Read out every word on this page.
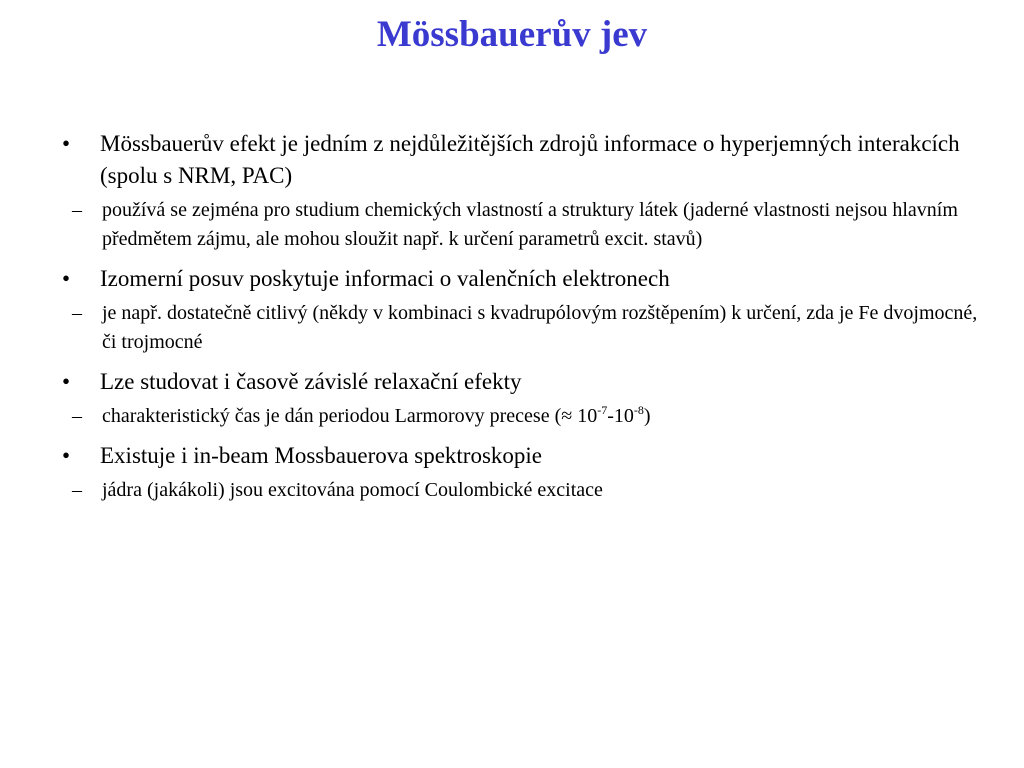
Mössbauerův jev
•	Mössbauerův efekt je jedním z nejdůležitějších zdrojů informace o hyperjemných interakcích (spolu s NRM, PAC)
– používá se zejména pro studium chemických vlastností a struktury látek (jaderné vlastnosti nejsou hlavním předmětem zájmu, ale mohou sloužit např. k určení parametrů excit. stavů)
•	Izomerní posuv poskytuje informaci o valenčních elektronech
– je např. dostatečně citlivý (někdy v kombinaci s kvadrupólovým rozštěpením) k určení, zda je Fe dvojmocné, či trojmocné
•	Lze studovat i časově závislé relaxační efekty
– charakteristický čas je dán periodou Larmorovy precese (≈ $10^{-7}-10^{-8}$)
•	Existuje i in-beam Mossbauerova spektroskopie
– jádra (jakákoli) jsou excitována pomocí Coulombické excitace
